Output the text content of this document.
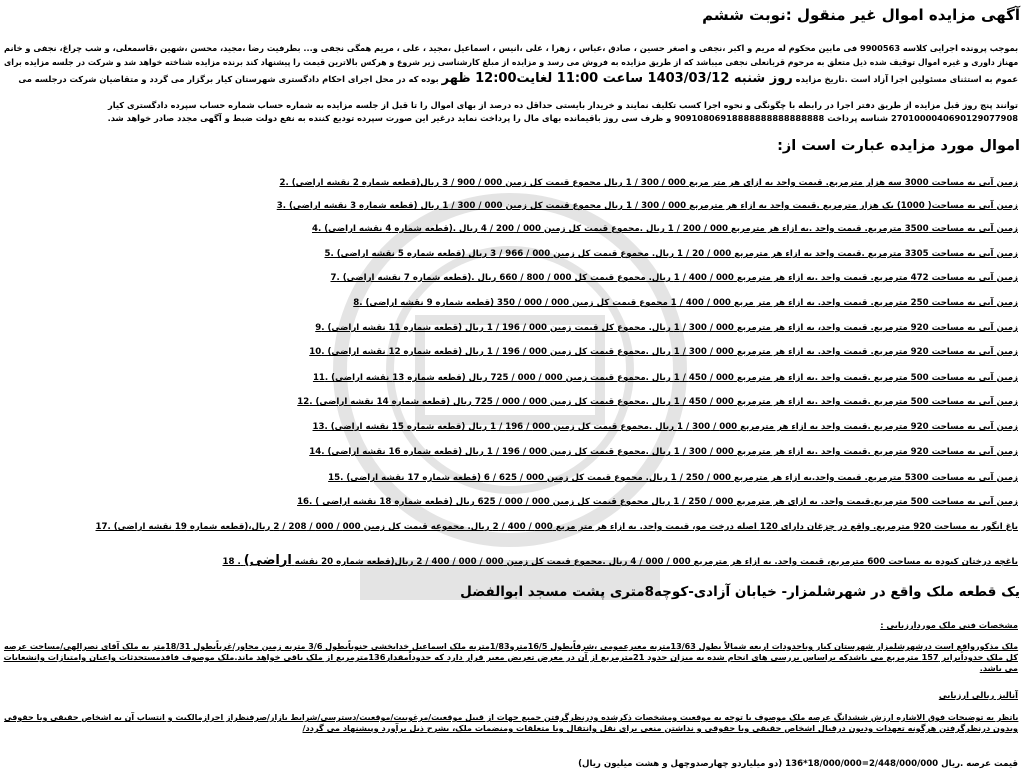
آگهی مزایده اموال غیر منقول :نوبت ششم
بموجب پرونده اجرایی کلاسه 9900563 فی مابین محکوم له مریم و اکبر ،نجفی و اصغر حسین ، صادق ،عباس ، زهرا ، علی ،انیس ، اسماعیل ،مجید ، علی ، مریم همگی نجفی و... بطرفیت رضا ،مجید، محسن ،شهین ،قاسمعلی، و شب چراغ، نجفی و خانم
مهناز داوری و غیره اموال توقیف شده ذیل متعلق به مرحوم قربانعلی نجفی میباشد که از طریق مزایده به فروش می رسد و مزایده از مبلغ کارشناسی زیر شروع و هرکس بالاترین قیمت را پیشنهاد کند برنده مزایده شناخته خواهد شد و شرکت در جلسه مزایده برای
عموم به استثنای مسئولین اجرا آزاد است .تاریخ مزایده روز شنبه 1403/03/12 ساعت 11:00 لغایت12:00 ظهر بوده که در محل اجرای احکام دادگستری شهرستان کیار برگزار می گردد و متقاضیان شرکت درجلسه می
توانند پنج روز قبل مزایده از طریق دفتر اجرا در رابطه با چگونگی و نحوه اجرا کسب تکلیف نمایند و خریدار بایستی حداقل ده درصد از بهای اموال را تا قبل از جلسه مزایده به شماره حساب شماره حساب سپرده دادگستری کیار
2701000040690129077908 شناسه پرداخت 90910806918888888888888888 و ظرف سی روز باقیمانده بهای مال را پرداخت نماید درغیر این صورت سپرده تودیع کننده به نفع دولت ضبط و آگهی مجدد صادر خواهد شد.
اموال مورد مزایده عبارت است از:
زمین آبی به مساحت 3000 سه هزار مترمربع. قیمت واحد به ازای هر متر مربع 000 / 300 / 1 ریال مجموع قیمت کل زمین 000 / 900 / 3 ریال(قطعه شماره 2 نقشه اراضی) .2
زمین آبی به مساحت( 1000) یک هزار مترمربع .قیمت واحد به ازاء هر مترمربع 000 / 300 / 1 ریال مجموع قیمت کل زمین 000 / 300 / 1 ریال (قطعه شماره 3 نقشه اراضی) .3
زمین آبی به مساحت 3500 مترمربع. قیمت واحد .به ازاء هر مترمربع 000 / 200 / 1 ریال .مجموع قیمت کل زمین 000 / 200 / 4 ریال .(قطعه شماره 4 نقشه اراضی) .4
زمین آبی به مساحت 3305 مترمربع .قیمت واحد به ازاء هر مترمربع 000 / 20 / 1 ریال. مجموع قیمت کل زمین 000 / 966 / 3 ریال (قطعه شماره 5 نقشه اراضی) .5
زمین آبی به مساحت 472 مترمربع. قیمت واحد .به ازاء هر مترمربع 000 / 400 / 1 ریال. مجموع قیمت کل 000 / 800 / 660 ریال .(قطعه شماره 7 نقشه اراضی) .7
زمین آبی به مساحت 250 مترمربع. قیمت واحد. به ازاء هر متر مربع 000 / 400 / 1 مجموع قیمت کل زمین 000 / 000 / 350 (قطعه شماره 9 نقشه اراضی) .8
زمین آبی به مساحت 920 مترمربع. قیمت واحد، به ازاء هر مترمربع 000 / 300 / 1 ریال. مجموع کل قیمت زمین 000 / 196 / 1 ریال (قطعه شماره 11 نقشه اراضی) .9
زمین آبی به مساحت 920 مترمربع. قیمت واحد. به ازاء هر مترمربع 000 / 300 / 1 ریال .مجموع قیمت کل زمین 000 / 196 / 1 ریال (قطعه شماره 12 نقشه اراضی) .10
زمین آبی به مساحت 500 مترمربع .قیمت واحد .به ازاء هر مترمربع 000 / 450 / 1 ریال .مجموع قیمت زمین 000 / 000 / 725 ریال (قطعه شماره 13 نقشه اراضی) .11
زمین آبی به مساحت 500 مترمربع .قیمت واحد .به ازاء هر مترمربع 000 / 450 / 1 ریال .مجموع قیمت کل زمین 000 / 000 / 725 ریال (قطعه شماره 14 نقشه اراضی) .12
زمین آبی به مساحت 920 مترمربع .قیمت واحد به ازاء هر مترمربع 000 / 300 / 1 ریال .مجموع قیمت کل زمین 000 / 196 / 1 ریال (قطعه شماره 15 نقشه اراضی) .13
زمین آبی به مساحت 920 مترمربع .قیمت واحد .به ازاء هر مترمربع 000 / 300 / 1 ریال .مجموع قیمت کل زمین 000 / 196 / 1 ریال (قطعه شماره 16 نقشه اراضی) .14
زمین آبی به مساحت 5300 مترمربع. قیمت واحد.به ازاء هر مترمربع 000 / 250 / 1 ریال. مجموع قیمت کل زمین 000 / 625 / 6 (قطعه شماره 17 نقشه اراضی) .15
زمین آبی به مساحت 500 مترمربع.قیمت واحد. به ازای هر مترمربع 000 / 250 / 1 ریال مجموع قیمت کل زمین 000 / 000 / 625 ریال (قطعه شماره 18 نقشه اراضی ) .16
باغ انگور به مساحت 920 مترمربع. واقع در چزغان دارای 120 اصله درخت مو، قیمت واحد. به ازاء هر متر مربع 000 / 400 / 2 ریال. مجموعه قیمت کل زمین 000 / 000 / 208 / 2 ریال،(قطعه شماره 19 نقشه اراضی) .17
باغچه درختان کبوده به مساحت 600 مترمربع، قیمت واحد. به ازاء هر مترمربع 000 / 000 / 4 ریال .مجموع قیمت کل زمین 000 / 000 / 400 / 2 ریال(قطعه شماره 20 نقشه اراضی) . 18
یک قطعه ملک واقع در شهرشلمزار- خیابان آزادی-کوچه8متری پشت مسجد ابوالفضل
مشخصات فنی ملک موردارزیابی :
ملک مذکورواقع است درشهرشلمزار شهرستان کیار وباحدودات اربعه شمالاً بطول 13/63متربه معبرعمومی ،شرقاًبطول 16/5مترو1/83متربه ملک اسماعیل خدابخشی جنوباًبطول 3/6 متربه زمین مجاور/غرباًبطول 18/31متر به ملک آقای نصرالهی/مساحت عرصه
کل ملک حدوداًبرابر 157 مترمربع می باشدکه براساس بررسی های انجام شده به میزان حدود 21مترمربع از آن در معرض تعریض معبر قرار دارد که حدوداًمقدار136مترمربع از ملک باقی خواهد ماند.ملک موصوف فاقدمستحدثات واعیان وامتیازات وانشعابات
می باشد.
آنالیز ریالی ارزیابی
باتظر به توضیحات فوق الاشاره ارزش ششدانگ عرصه ملک موصوف با توجه به موقعیت ومشخصات ذکرشده ودرنظرگرفتن جمیع جهات از قبیل موقعیت/مرغوبیت/موقعیت/دسترسی/شرایط بازار/صرفنظراز احرازمالکیت و انتساب آن به اشخاص حقیقی ویا حقوقی
وبدون درنظرگرفتن هرگونه تعهدات ودیون درقبال اشخاص حقیقی ویا حقوقی و نداشتن منعی برای نقل وانتقال ویا متعلقات ومنضمات ملک، بشرح ذیل برآورد وپیشنهاد می گردد/
قیمت عرصه .ریال 2/448/000/000=18/000/000*136 (دو میلیاردو چهارصدوچهل و هشت میلیون ریال)
